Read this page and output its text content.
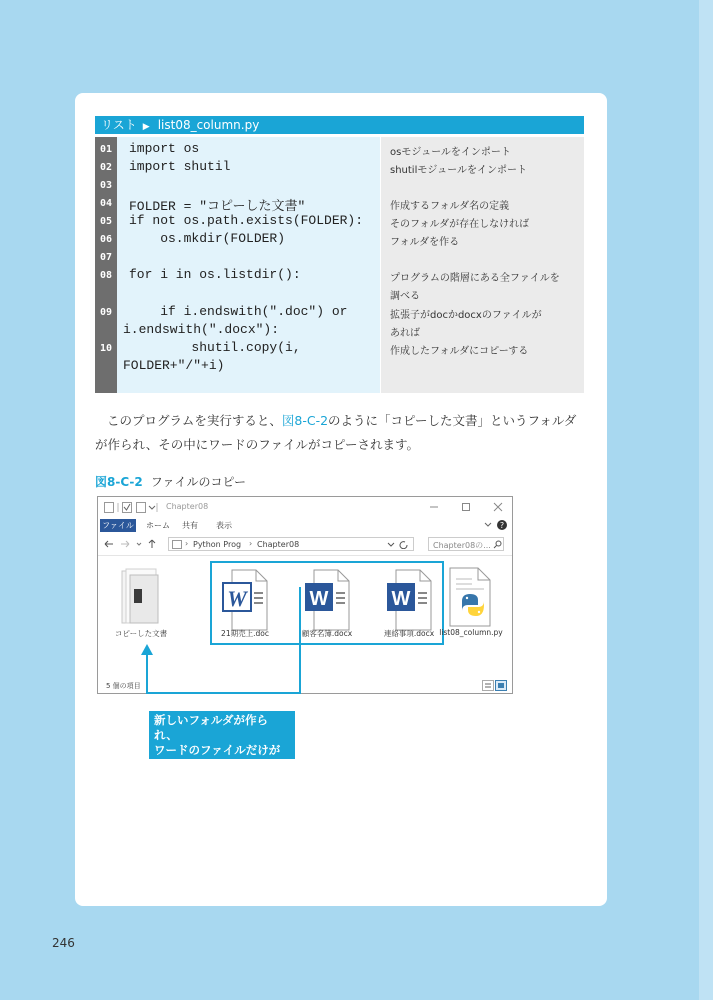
リスト ▶ list08_column.py
01	import os	osモジュールをインポート
02	import shutil	shutilモジュールをインポート
03
04	FOLDER = "コピーした文書"	作成するフォルダ名の定義
05	if not os.path.exists(FOLDER):	そのフォルダが存在しなければ
06	os.mkdir(FOLDER)	フォルダを作る
07
08	for i in os.listdir():	プログラムの階層にある全ファイルを
調べる
09	if i.endswith(".doc") or	拡張子がdocかdocxのファイルが
i.endswith(".docx"):	あれば
10	shutil.copy(i,	作成したフォルダにコピーする
FOLDER+"/"+i)
このプログラムを実行すると、図8-C-2のように「コピーした文書」というフォルダが作られ、その中にワードのファイルがコピーされます。
図8-C-2 ファイルのコピー
Chapter08
ファイル ホーム 共有 表示	?
› Python Prog › Chapter08	Chapter08の...
コピーした文書
W
21期売上.doc
W
顧客名簿.docx
W
連絡事項.docx list08_column.py
5 個の項目
新しいフォルダが作られ、
ワードのファイルだけが
そこにコピーされる
246
